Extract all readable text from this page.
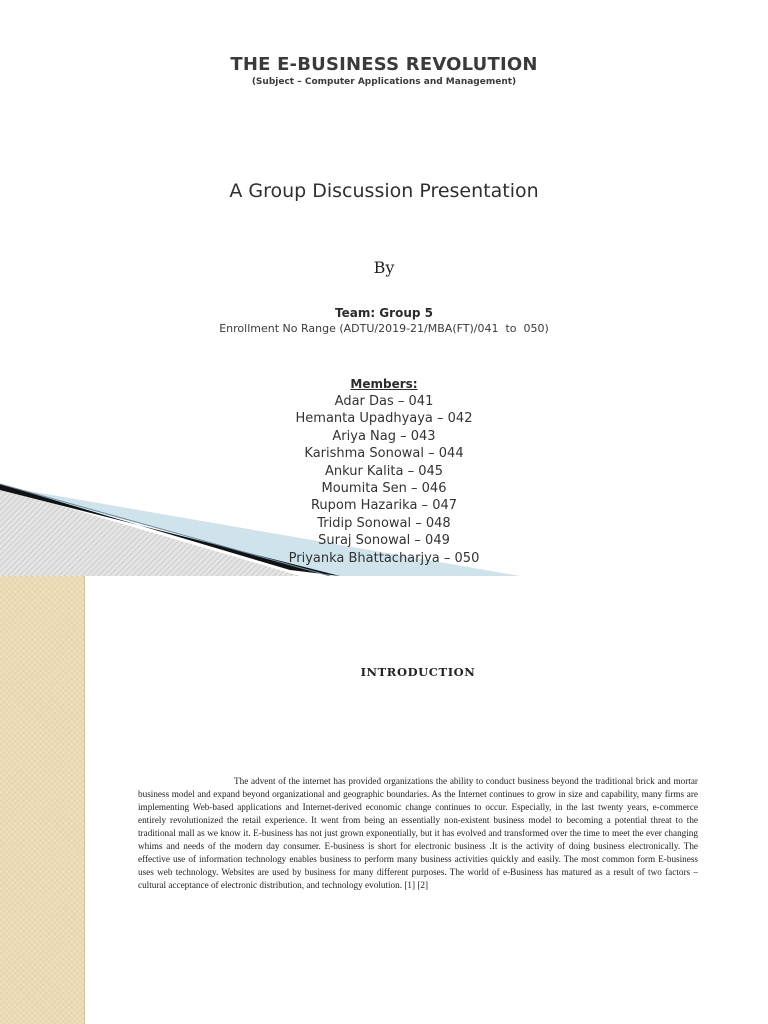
THE E-BUSINESS REVOLUTION
(Subject – Computer Applications and Management)
A Group Discussion Presentation
By
Team: Group 5
Enrollment No Range (ADTU/2019-21/MBA(FT)/041  to  050)
Members:
Adar Das – 041
Hemanta Upadhyaya – 042
Ariya Nag – 043
Karishma Sonowal – 044
Ankur Kalita – 045
Moumita Sen – 046
Rupom Hazarika – 047
Tridip Sonowal – 048
Suraj Sonowal – 049
Priyanka Bhattacharjya – 050
INTRODUCTION

The advent of the internet has provided organizations the ability to conduct business beyond the traditional brick and mortar business model and expand beyond organizational and geographic boundaries. As the Internet continues to grow in size and capability, many firms are implementing Web-based applications and Internet-derived economic change continues to occur. Especially, in the last twenty years, e-commerce entirely revolutionized the retail experience. It went from being an essentially non-existent business model to becoming a potential threat to the traditional mall as we know it. E-business has not just grown exponentially, but it has evolved and transformed over the time to meet the ever changing whims and needs of the modern day consumer. E-business is short for electronic business .It is the activity of doing business electronically. The effective use of information technology enables business to perform many business activities quickly and easily. The most common form E-business uses web technology. Websites are used by business for many different purposes. The world of e-Business has matured as a result of two factors – cultural acceptance of electronic distribution, and technology evolution. [1] [2]
